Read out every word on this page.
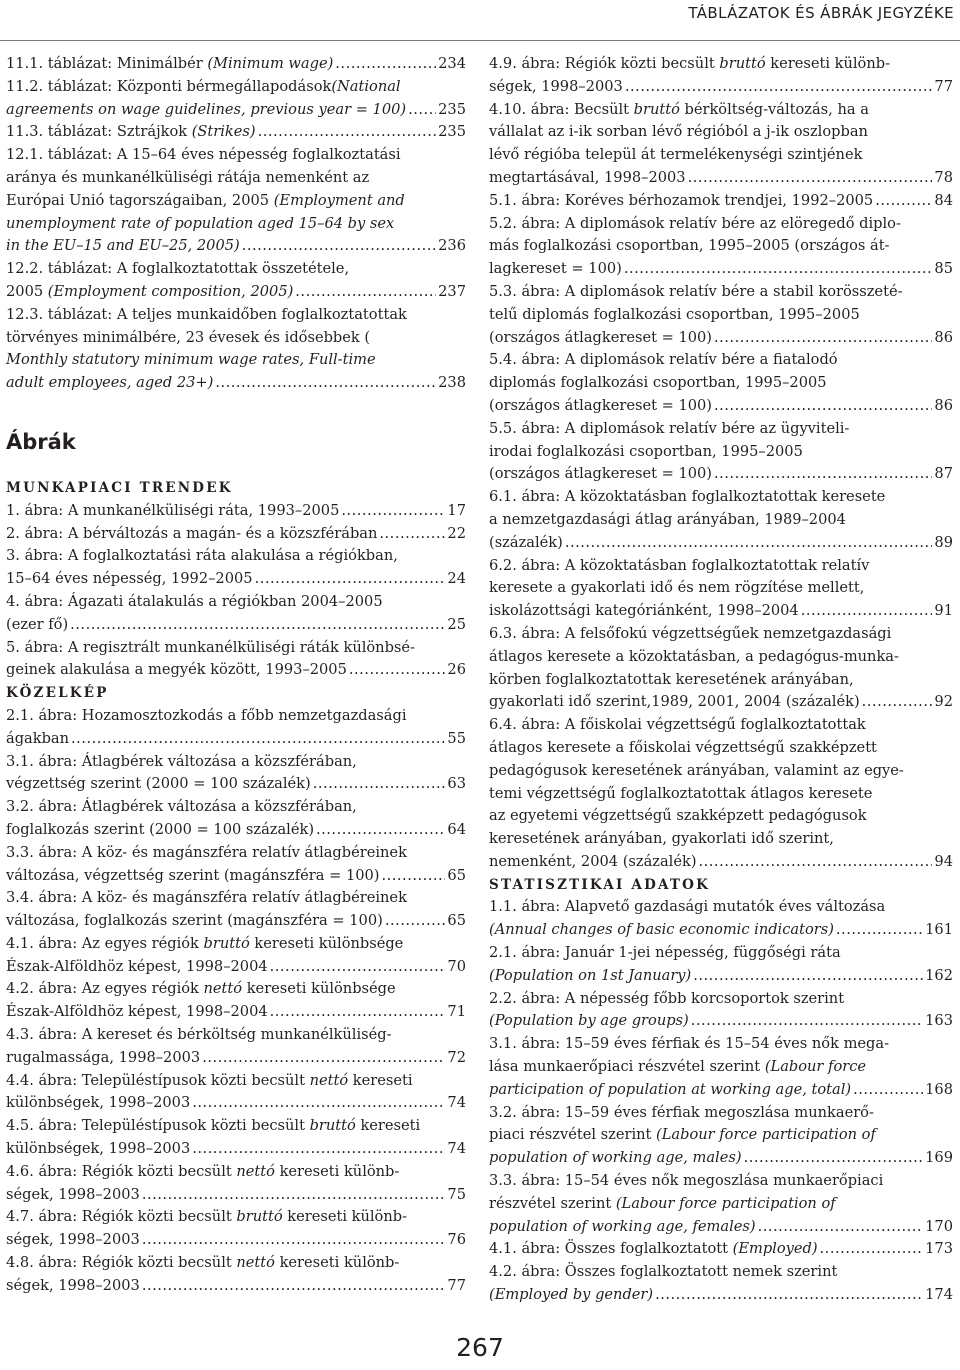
TÁBLÁZATOK ÉS ÁBRÁK JEGYZÉKE
11.1. táblázat: Minimálbér (Minimum wage) .....	234
11.2. táblázat: Központi bérmegállapodások(National
agreements on wage guidelines, previous year = 100) ..... 235
11.3. táblázat: Sztrájkok (Strikes) .....	235
12.1. táblázat: A 15–64 éves népesség foglalkoztatási
aránya és munkanélküliségi rátája nemenként az
Európai Unió tagországaiban, 2005 (Employment and
unemployment rate of population aged 15–64 by sex
in the EU–15 and EU–25, 2005) .....	236
12.2. táblázat: A foglalkoztatottak összetétele,
2005 (Employment composition, 2005) .....	237
12.3. táblázat: A teljes munkaidőben foglalkoztatottak
törvényes minimálbére, 23 évesek és idősebbek (
Monthly statutory minimum wage rates, Full-time
adult employees, aged 23+) .....	238
Ábrák
MUNKAPIACI TRENDEK
1. ábra: A munkanélküliségi ráta, 1993–2005 .....	17
2. ábra: A bérváltozás a magán- és a közszférában .....	22
3. ábra: A foglalkoztatási ráta alakulása a régiókban,
15–64 éves népesség, 1992–2005 .....	24
4. ábra: Ágazati átalakulás a régiókban 2004–2005
(ezer fő) .....	25
5. ábra: A regisztrált munkanélküliségi ráták különbsé-
geinek alakulása a megyék között, 1993–2005 .....	26
KÖZELKÉP
2.1. ábra: Hozamosztozkodás a főbb nemzetgazdasági
ágakban .....	55
3.1. ábra: Átlagbérek változása a közszférában,
végzettség szerint (2000 = 100 százalék) .....	63
3.2. ábra: Átlagbérek változása a közszférában,
foglalkozás szerint (2000 = 100 százalék) .....	64
3.3. ábra: A köz- és magánszféra relatív átlagbéreinek
változása, végzettség szerint (magánszféra = 100) .....	65
3.4. ábra: A köz- és magánszféra relatív átlagbéreinek
változása, foglalkozás szerint (magánszféra = 100) .....	65
4.1. ábra: Az egyes régiók bruttó kereseti különbsége
Észak-Alföldhöz képest, 1998–2004 .....	70
4.2. ábra: Az egyes régiók nettó kereseti különbsége
Észak-Alföldhöz képest, 1998–2004 .....	71
4.3. ábra: A kereset és bérköltség munkanélküliség-
rugalmassága, 1998–2003 .....	72
4.4. ábra: Településtípusok közti becsült nettó kereseti
különbségek, 1998–2003 .....	74
4.5. ábra: Településtípusok közti becsült bruttó kereseti
különbségek, 1998–2003 .....	74
4.6. ábra: Régiók közti becsült nettó kereseti különb-
ségek, 1998–2003 .....	75
4.7. ábra: Régiók közti becsült bruttó kereseti különb-
ségek, 1998–2003 .....	76
4.8. ábra: Régiók közti becsült nettó kereseti különb-
ségek, 1998–2003 .....	77
4.9. ábra: Régiók közti becsült bruttó kereseti különb-
ségek, 1998–2003 .....	77
4.10. ábra: Becsült bruttó bérköltség-változás, ha a
vállalat az i-ik sorban lévő régióból a j-ik oszlopban
lévő régióba települ át termelékenységi szintjének
megtartásával, 1998–2003 .....	78
5.1. ábra: Koréves bérhozamok trendjei, 1992–2005 .....	84
5.2. ábra: A diplomások relatív bére az elöregedő diplo-
más foglalkozási csoportban, 1995–2005 (országos át-
lagkereset = 100) .....	85
5.3. ábra: A diplomások relatív bére a stabil korösszeté-
telű diplomás foglalkozási csoportban, 1995–2005
(országos átlagkereset = 100) .....	86
5.4. ábra: A diplomások relatív bére a fiatalodó
diplomás foglalkozási csoportban, 1995–2005
(országos átlagkereset = 100) .....	86
5.5. ábra: A diplomások relatív bére az ügyviteli-
irodai foglalkozási csoportban, 1995–2005
(országos átlagkereset = 100) .....	87
6.1. ábra: A közoktatásban foglalkoztatottak keresete
a nemzetgazdasági átlag arányában, 1989–2004
(százalék) .....	89
6.2. ábra: A közoktatásban foglalkoztatottak relatív
keresete a gyakorlati idő és nem rögzítése mellett,
iskolázottsági kategóriánként, 1998–2004 .....	91
6.3. ábra: A felsőfokú végzettségűek nemzetgazdasági
átlagos keresete a közoktatásban, a pedagógus-munka-
körben foglalkoztatottak keresetének arányában,
gyakorlati idő szerint,1989, 2001, 2004 (százalék) .....	92
6.4. ábra: A főiskolai végzettségű foglalkoztatottak
átlagos keresete a főiskolai végzettségű szakképzett
pedagógusok keresetének arányában, valamint az egye-
temi végzettségű foglalkoztatottak átlagos keresete
az egyetemi végzettségű szakképzett pedagógusok
keresetének arányában, gyakorlati idő szerint,
nemenként, 2004 (százalék) .....	94
STATISZTIKAI ADATOK
1.1. ábra: Alapvető gazdasági mutatók éves változása
(Annual changes of basic economic indicators) .....	161
2.1. ábra: Január 1-jei népesség, függőségi ráta
(Population on 1st January) .....	162
2.2. ábra: A népesség főbb korcsoportok szerint
(Population by age groups) .....	163
3.1. ábra: 15–59 éves férfiak és 15–54 éves nők mega-
lása munkaerőpiaci részvétel szerint (Labour force
participation of population at working age, total) .....	168
3.2. ábra: 15–59 éves férfiak megoszlása munkaerő-
piaci részvétel szerint (Labour force participation of
population of working age, males) .....	169
3.3. ábra: 15–54 éves nők megoszlása munkaerőpiaci
részvétel szerint (Labour force participation of
population of working age, females) .....	170
4.1. ábra: Összes foglalkoztatott (Employed) .....	173
4.2. ábra: Összes foglalkoztatott nemek szerint
(Employed by gender) .....	174
267
